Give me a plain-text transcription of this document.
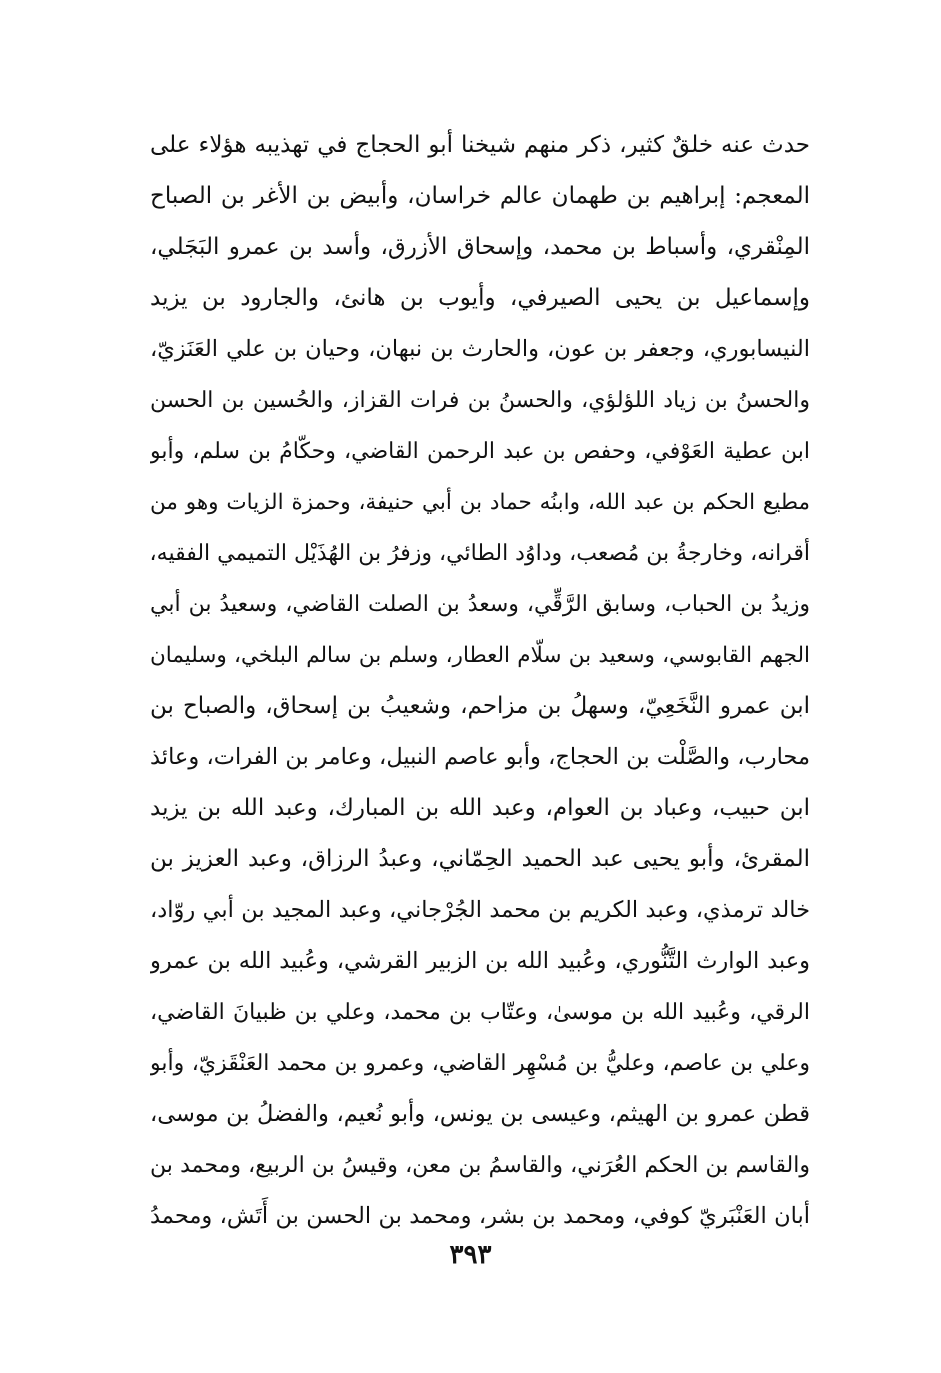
حدث عنه خلقٌ كثير، ذكر منهم شيخنا أبو الحجاج في تهذيبه هؤلاء على
المعجم: إبراهيم بن طهمان عالم خراسان، وأبيض بن الأغر بن الصباح
المِنْقري، وأسباط بن محمد، وإسحاق الأزرق، وأسد بن عمرو البَجَلي،
وإسماعيل بن يحيى الصيرفي، وأيوب بن هانئ، والجارود بن يزيد
النيسابوري، وجعفر بن عون، والحارث بن نبهان، وحيان بن علي العَنَزيّ،
والحسنُ بن زياد اللؤلؤي، والحسنُ بن فرات القزاز، والحُسين بن الحسن
ابن عطية العَوْفي، وحفص بن عبد الرحمن القاضي، وحكّامُ بن سلم، وأبو
مطيع الحكم بن عبد الله، وابنُه حماد بن أبي حنيفة، وحمزة الزيات وهو من
أقرانه، وخارجةُ بن مُصعب، وداوُد الطائي، وزفرُ بن الهُذَيْل التميمي الفقيه،
وزيدُ بن الحباب، وسابق الرَّقِّي، وسعدُ بن الصلت القاضي، وسعيدُ بن أبي
الجهم القابوسي، وسعيد بن سلّام العطار، وسلم بن سالم البلخي، وسليمان
ابن عمرو النَّخَعِيّ، وسهلُ بن مزاحم، وشعيبُ بن إسحاق، والصباح بن
محارب، والصَّلْت بن الحجاج، وأبو عاصم النبيل، وعامر بن الفرات، وعائذ
ابن حبيب، وعباد بن العوام، وعبد الله بن المبارك، وعبد الله بن يزيد
المقرئ، وأبو يحيى عبد الحميد الحِمّاني، وعبدُ الرزاق، وعبد العزيز بن
خالد ترمذي، وعبد الكريم بن محمد الجُرْجاني، وعبد المجيد بن أبي روّاد،
وعبد الوارث التَّنُّوري، وعُبيد الله بن الزبير القرشي، وعُبيد الله بن عمرو
الرقي، وعُبيد الله بن موسىٰ، وعتّاب بن محمد، وعلي بن ظبيانَ القاضي،
وعلي بن عاصم، وعليُّ بن مُسْهِر القاضي، وعمرو بن محمد العَنْقَزيّ، وأبو
قطن عمرو بن الهيثم، وعيسى بن يونس، وأبو نُعيم، والفضلُ بن موسى،
والقاسم بن الحكم العُرَني، والقاسمُ بن معن، وقيسُ بن الربيع، ومحمد بن
أبان العَنْبَريّ كوفي، ومحمد بن بشر، ومحمد بن الحسن بن أَتَش، ومحمدُ
٣٩٣
